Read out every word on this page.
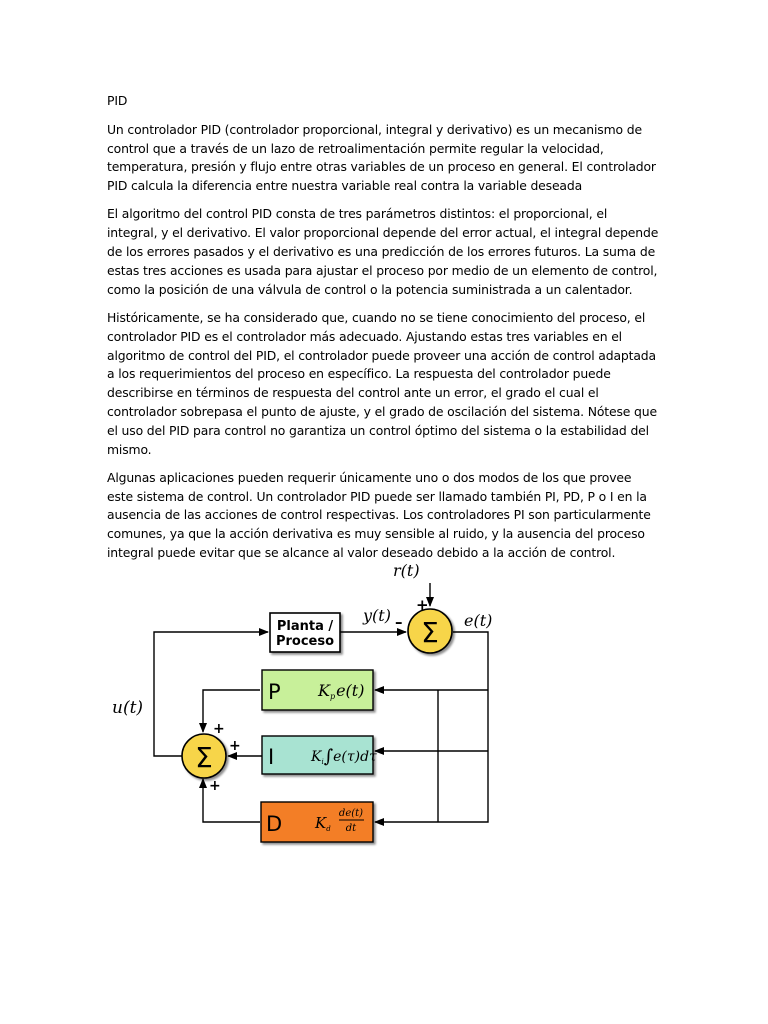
PID

Un controlador PID (controlador proporcional, integral y derivativo) es un mecanismo de control que a través de un lazo de retroalimentación permite regular la velocidad, temperatura, presión y flujo entre otras variables de un proceso en general. El controlador PID calcula la diferencia entre nuestra variable real contra la variable deseada

El algoritmo del control PID consta de tres parámetros distintos: el proporcional, el integral, y el derivativo. El valor proporcional depende del error actual, el integral depende de los errores pasados y el derivativo es una predicción de los errores futuros. La suma de estas tres acciones es usada para ajustar el proceso por medio de un elemento de control, como la posición de una válvula de control o la potencia suministrada a un calentador.

Históricamente, se ha considerado que, cuando no se tiene conocimiento del proceso, el controlador PID es el controlador más adecuado. Ajustando estas tres variables en el algoritmo de control del PID, el controlador puede proveer una acción de control adaptada a los requerimientos del proceso en específico. La respuesta del controlador puede describirse en términos de respuesta del control ante un error, el grado el cual el controlador sobrepasa el punto de ajuste, y el grado de oscilación del sistema. Nótese que el uso del PID para control no garantiza un control óptimo del sistema o la estabilidad del mismo.

Algunas aplicaciones pueden requerir únicamente uno o dos modos de los que provee este sistema de control. Un controlador PID puede ser llamado también PI, PD, P o I en la ausencia de las acciones de control respectivas. Los controladores PI son particularmente comunes, ya que la acción derivativa es muy sensible al ruido, y la ausencia del proceso integral puede evitar que se alcance al valor deseado debido a la acción de control.

Σ
+
–
Σ
+
+
+
Planta /
Proceso
P Kpe(t)
I	$K_i\int e(\tau)d\tau$
D $K_d$
de(t)
dt
r(t)
y(t)	e(t)
u(t)
